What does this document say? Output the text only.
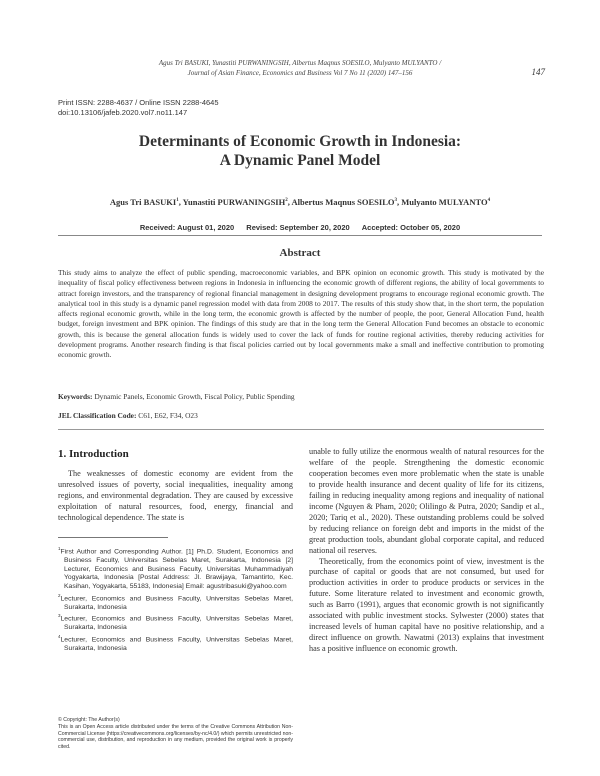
Agus Tri BASUKI, Yunastiti PURWANINGSIH, Albertus Maqnus SOESILO, Mulyanto MULYANTO /
Journal of Asian Finance, Economics and Business Vol 7 No 11 (2020) 147–156	147
Print ISSN: 2288-4637 / Online ISSN 2288-4645
doi:10.13106/jafeb.2020.vol7.no11.147
Determinants of Economic Growth in Indonesia:
A Dynamic Panel Model
Agus Tri BASUKI$^1$, Yunastiti PURWANINGSIH$^2$, Albertus Maqnus SOESILO$^3$, Mulyanto MULYANTO$^4$
Received: August 01, 2020 Revised: September 20, 2020 Accepted: October 05, 2020
Abstract
This study aims to analyze the effect of public spending, macroeconomic variables, and BPK opinion on economic growth. This study is motivated by the inequality of fiscal policy effectiveness between regions in Indonesia in influencing the economic growth of different regions, the ability of local governments to attract foreign investors, and the transparency of regional financial management in designing development programs to encourage regional economic growth. The analytical tool in this study is a dynamic panel regression model with data from 2008 to 2017. The results of this study show that, in the short term, the population affects regional economic growth, while in the long term, the economic growth is affected by the number of people, the poor, General Allocation Fund, health budget, foreign investment and BPK opinion. The findings of this study are that in the long term the General Allocation Fund becomes an obstacle to economic growth, this is because the general allocation funds is widely used to cover the lack of funds for routine regional activities, thereby reducing activities for development programs. Another research finding is that fiscal policies carried out by local governments make a small and ineffective contribution to promoting economic growth.
Keywords: Dynamic Panels, Economic Growth, Fiscal Policy, Public Spending
JEL Classification Code: C61, E62, F34, O23
1. Introduction

The weaknesses of domestic economy are evident from the unresolved issues of poverty, social inequalities, inequality among regions, and environmental degradation. They are caused by excessive exploitation of natural resources, food, energy, financial and technological dependence. The state is

$^1$First Author and Corresponding Author. [1] Ph.D. Student, Economics and Business Faculty, Universitas Sebelas Maret, Surakarta, Indonesia [2] Lecturer, Economics and Business Faculty, Universitas Muhammadiyah Yogyakarta, Indonesia [Postal Address: Jl. Brawijaya, Tamantirto, Kec. Kasihan, Yogyakarta, 55183, Indonesia] Email: agustribasuki@yahoo.com
$^2$Lecturer, Economics and Business Faculty, Universitas Sebelas Maret, Surakarta, Indonesia
$^3$Lecturer, Economics and Business Faculty, Universitas Sebelas Maret, Surakarta, Indonesia
$^4$Lecturer, Economics and Business Faculty, Universitas Sebelas Maret, Surakarta, Indonesia
© Copyright: The Author(s)
This is an Open Access article distributed under the terms of the Creative Commons Attribution Non-Commercial License (https://creativecommons.org/licenses/by-nc/4.0/) which permits unrestricted non-commercial use, distribution, and reproduction in any medium, provided the original work is properly cited.

unable to fully utilize the enormous wealth of natural resources for the welfare of the people. Strengthening the domestic economic cooperation becomes even more problematic when the state is unable to provide health insurance and decent quality of life for its citizens, failing in reducing inequality among regions and inequality of national income (Nguyen & Pham, 2020; Olilingo & Putra, 2020; Sandip et al., 2020; Tariq et al., 2020). These outstanding problems could be solved by reducing reliance on foreign debt and imports in the midst of the great production tools, abundant global corporate capital, and reduced national oil reserves.

Theoretically, from the economics point of view, investment is the purchase of capital or goods that are not consumed, but used for production activities in order to produce products or services in the future. Some literature related to investment and economic growth, such as Barro (1991), argues that economic growth is not significantly associated with public investment stocks. Sylwester (2000) states that increased levels of human capital have no positive relationship, and a direct influence on growth. Nawatmi (2013) explains that investment has a positive influence on economic growth.
